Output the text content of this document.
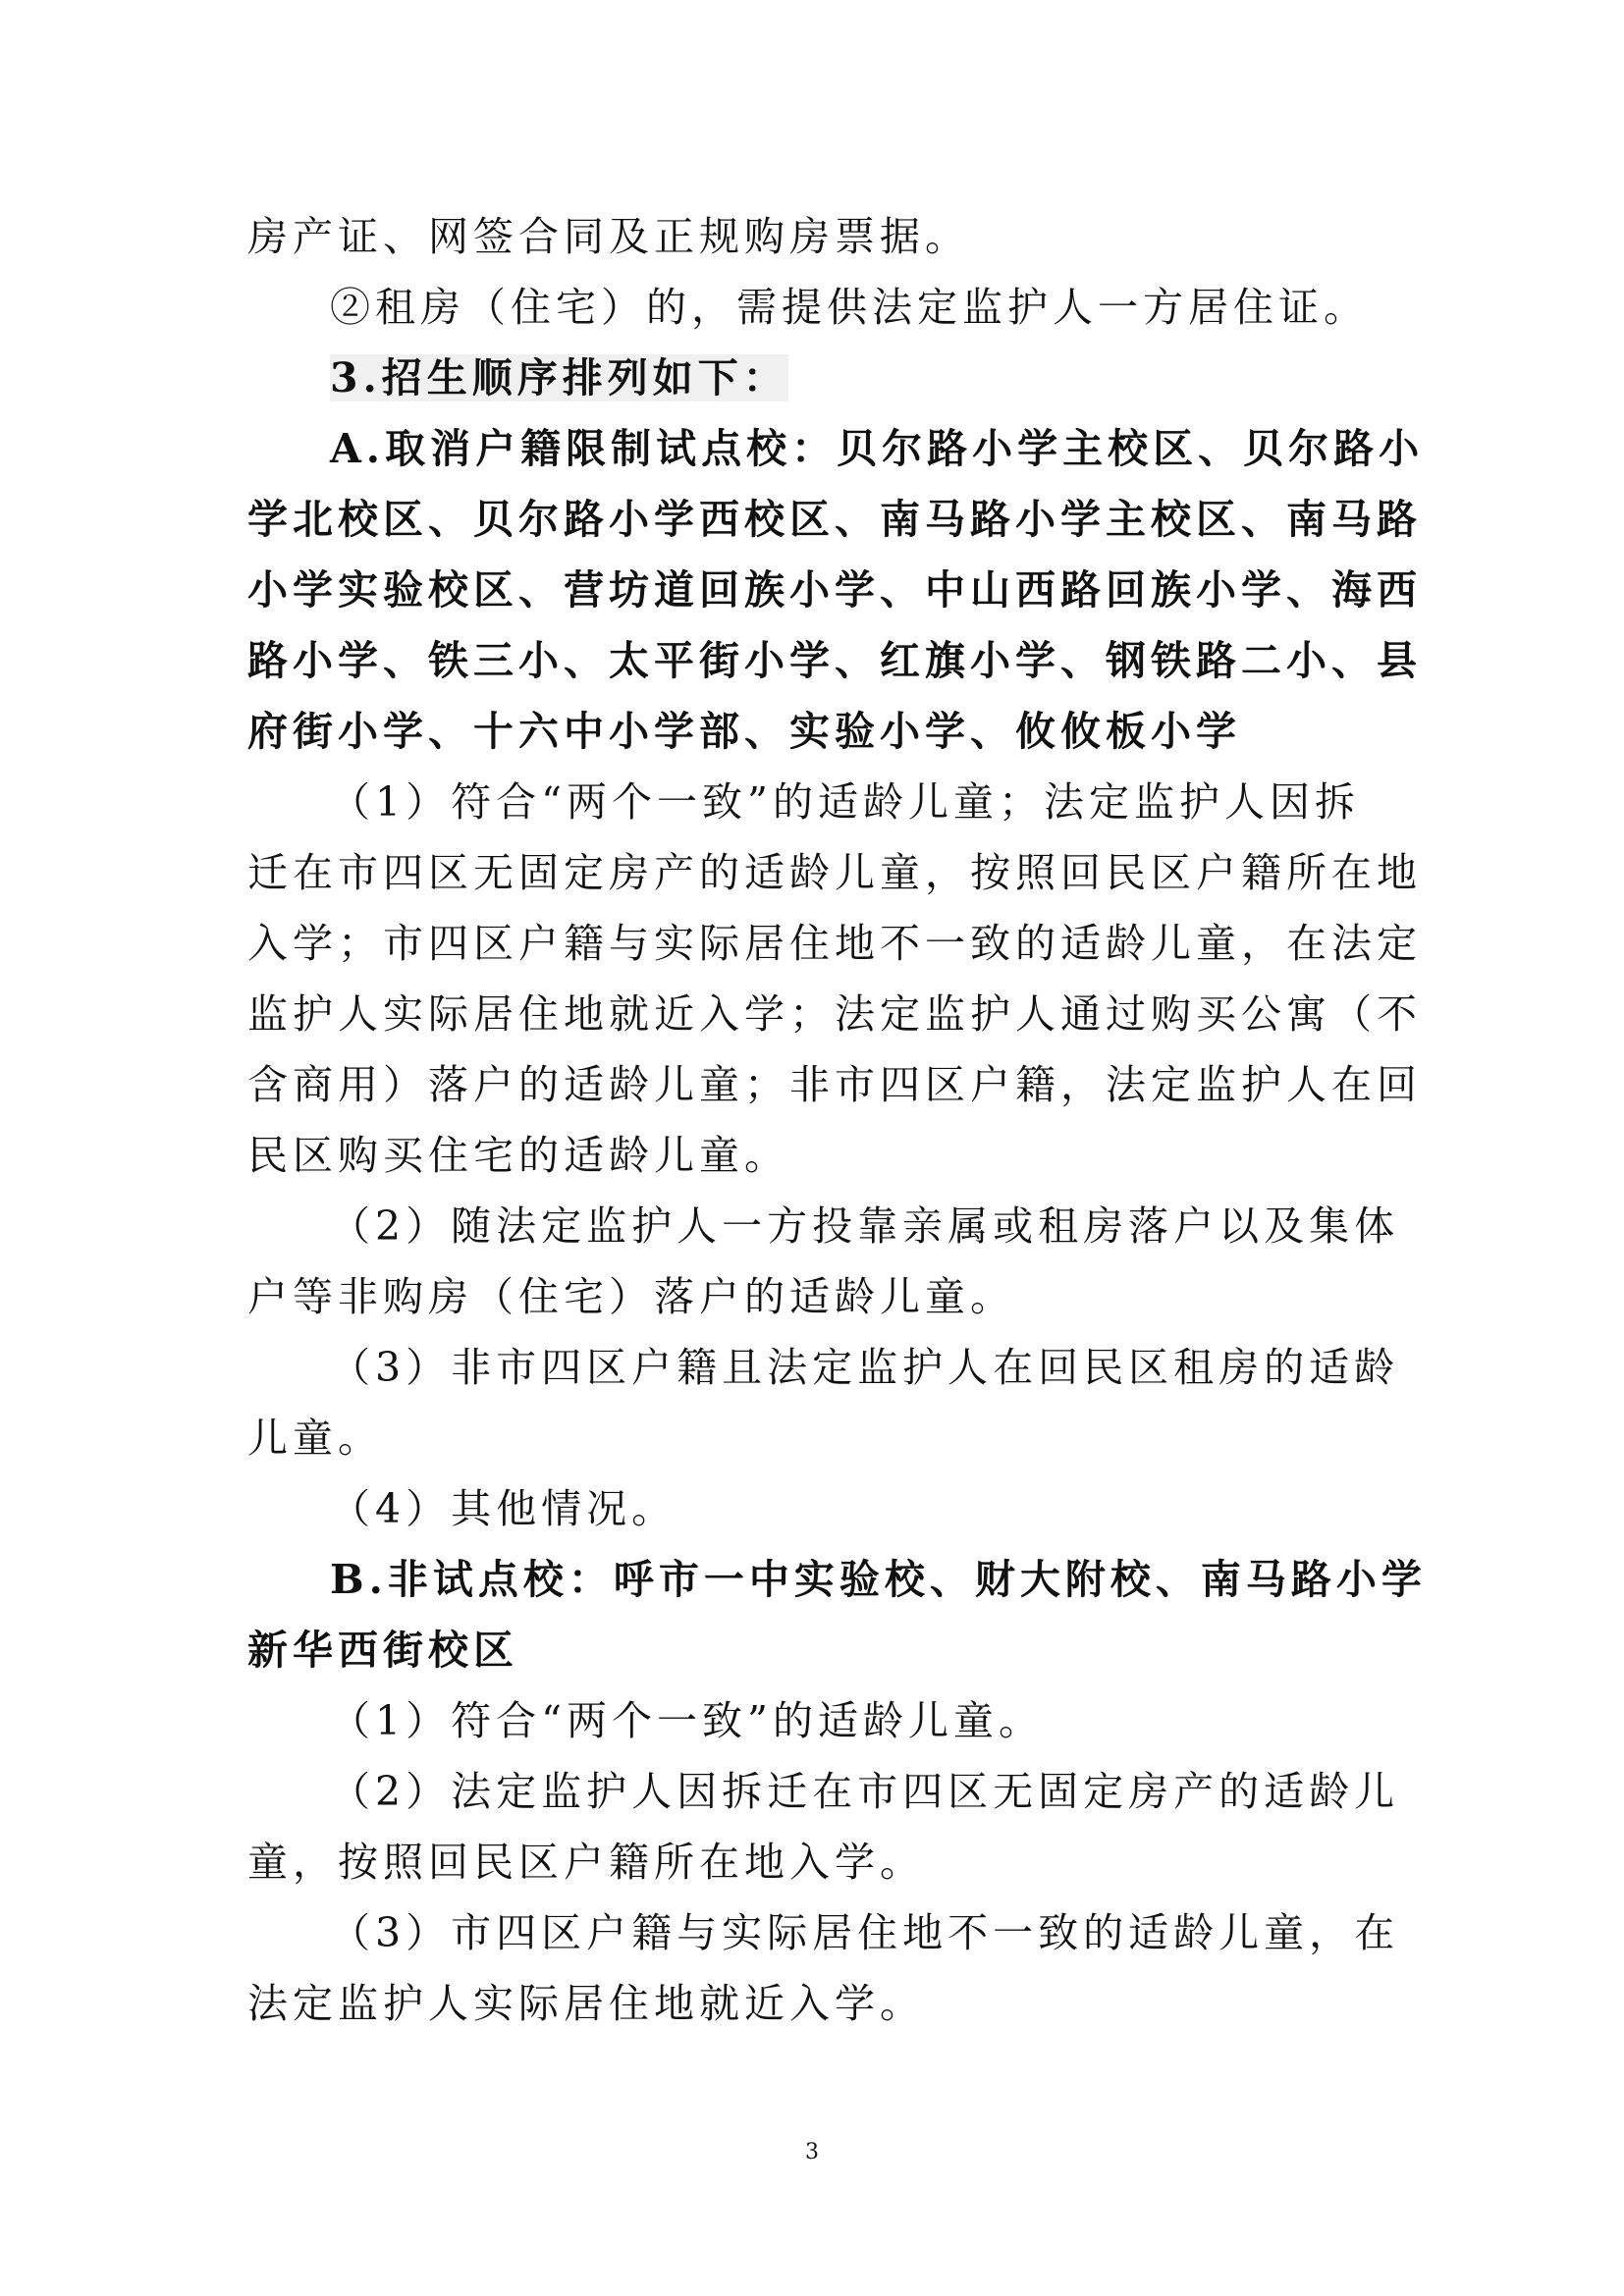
房产证、网签合同及正规购房票据。
②租房（住宅）的，需提供法定监护人一方居住证。
3.招生顺序排列如下：
A.取消户籍限制试点校：贝尔路小学主校区、贝尔路小
学北校区、贝尔路小学西校区、南马路小学主校区、南马路
小学实验校区、营坊道回族小学、中山西路回族小学、海西
路小学、铁三小、太平街小学、红旗小学、钢铁路二小、县
府街小学、十六中小学部、实验小学、攸攸板小学
（1）符合“两个一致”的适龄儿童；法定监护人因拆
迁在市四区无固定房产的适龄儿童，按照回民区户籍所在地
入学；市四区户籍与实际居住地不一致的适龄儿童，在法定
监护人实际居住地就近入学；法定监护人通过购买公寓（不
含商用）落户的适龄儿童；非市四区户籍，法定监护人在回
民区购买住宅的适龄儿童。
（2）随法定监护人一方投靠亲属或租房落户以及集体
户等非购房（住宅）落户的适龄儿童。
（3）非市四区户籍且法定监护人在回民区租房的适龄
儿童。
（4）其他情况。
B.非试点校：呼市一中实验校、财大附校、南马路小学
新华西街校区
（1）符合“两个一致”的适龄儿童。
（2）法定监护人因拆迁在市四区无固定房产的适龄儿
童，按照回民区户籍所在地入学。
（3）市四区户籍与实际居住地不一致的适龄儿童，在
法定监护人实际居住地就近入学。
3
